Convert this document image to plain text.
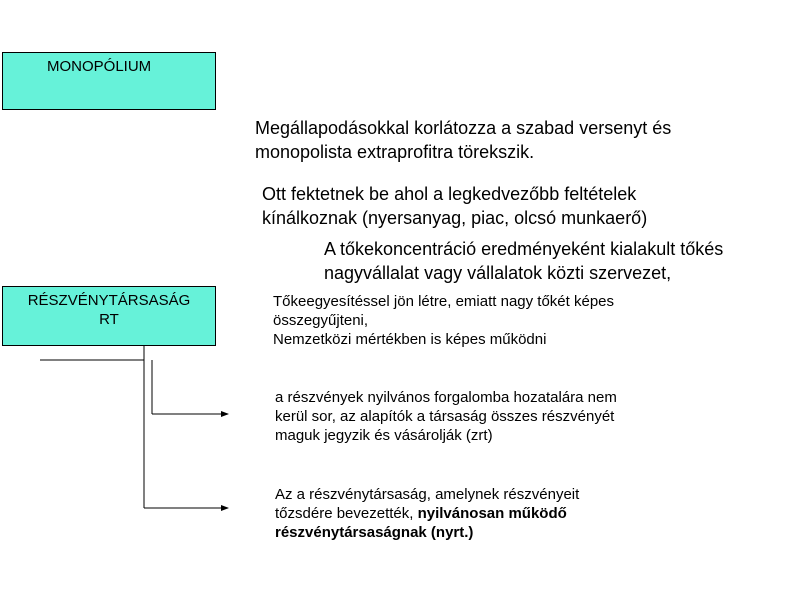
MONOPÓLIUM
RÉSZVÉNYTÁRSASÁG
RT
Megállapodásokkal korlátozza a szabad versenyt és
monopolista extraprofitra törekszik.
Ott fektetnek be ahol a legkedvezőbb feltételek
kínálkoznak (nyersanyag, piac, olcsó munkaerő)
A tőkekoncentráció eredményeként kialakult tőkés
nagyvállalat vagy vállalatok közti szervezet,
Tőkeegyesítéssel jön létre, emiatt nagy tőkét képes
összegyűjteni,
Nemzetközi mértékben is képes működni
a részvények nyilvános forgalomba hozatalára nem
kerül sor, az alapítók a társaság összes részvényét
maguk jegyzik és vásárolják (zrt)
Az a részvénytársaság, amelynek részvényeit
tőzsdére bevezették, nyilvánosan működő
részvénytársaságnak (nyrt.)
